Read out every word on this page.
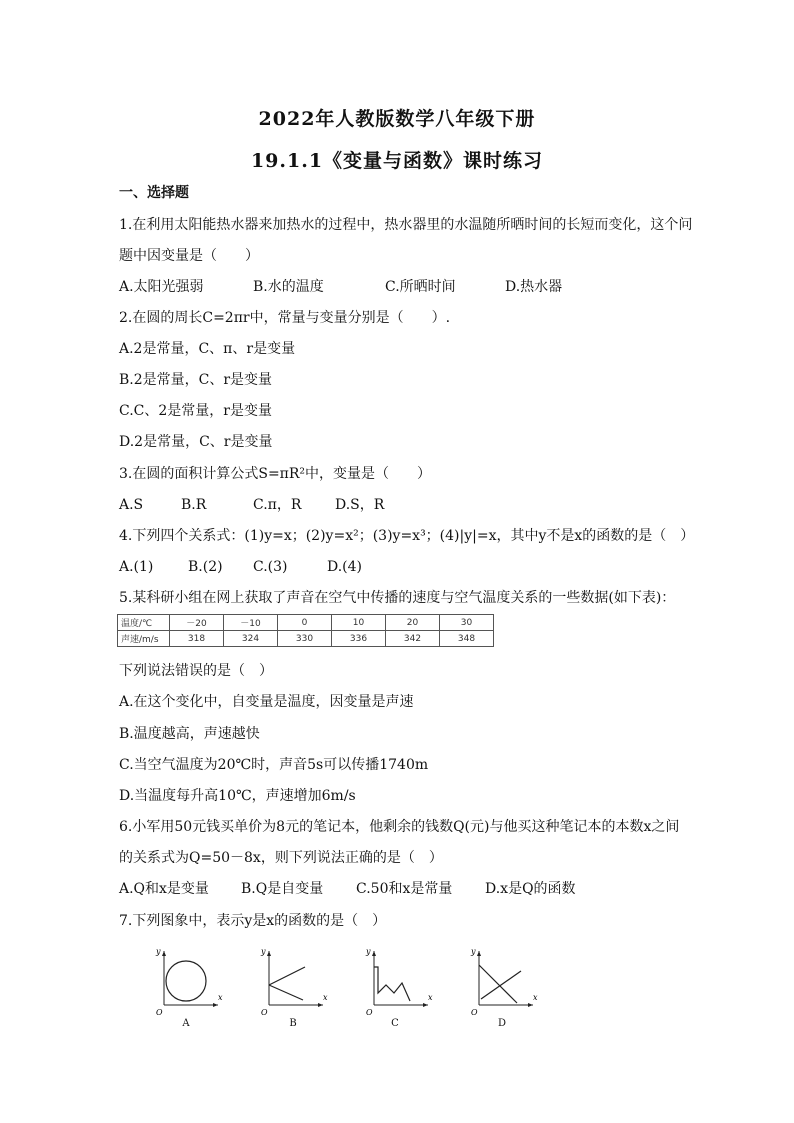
2022年人教版数学八年级下册
19.1.1《变量与函数》课时练习
一、选择题
1.在利用太阳能热水器来加热水的过程中，热水器里的水温随所晒时间的长短而变化，这个问
题中因变量是（　　）
A.太阳光强弱	B.水的温度	C.所晒时间	D.热水器
2.在圆的周长C=2πr中，常量与变量分别是（　　）.
A.2是常量，C、π、r是变量
B.2是常量，C、r是变量
C.C、2是常量，r是变量
D.2是常量，C、r是变量
3.在圆的面积计算公式S=πR²中，变量是（　　）
A.S	B.R	C.π，R D.S，R
4.下列四个关系式：(1)y=x；(2)y=x²；(3)y=x³；(4)|y|=x，其中y不是x的函数的是（　）
A.(1) B.(2) C.(3)	D.(4)
5.某科研小组在网上获取了声音在空气中传播的速度与空气温度关系的一些数据(如下表)：
温度/℃	－20	－10	0	10	20	30
声速/m/s	318	324	330	336	342	348
下列说法错误的是（　）
A.在这个变化中，自变量是温度，因变量是声速
B.温度越高，声速越快
C.当空气温度为20℃时，声音5s可以传播1740m
D.当温度每升高10℃，声速增加6m/s
6.小军用50元钱买单价为8元的笔记本，他剩余的钱数Q(元)与他买这种笔记本的本数x之间
的关系式为Q=50－8x，则下列说法正确的是（　）
A.Q和x是变量 B.Q是自变量 C.50和x是常量 D.x是Q的函数
7.下列图象中，表示y是x的函数的是（　）
y
x
O
A
y
x
O
B
y
x
O
C
y
x
O
D
